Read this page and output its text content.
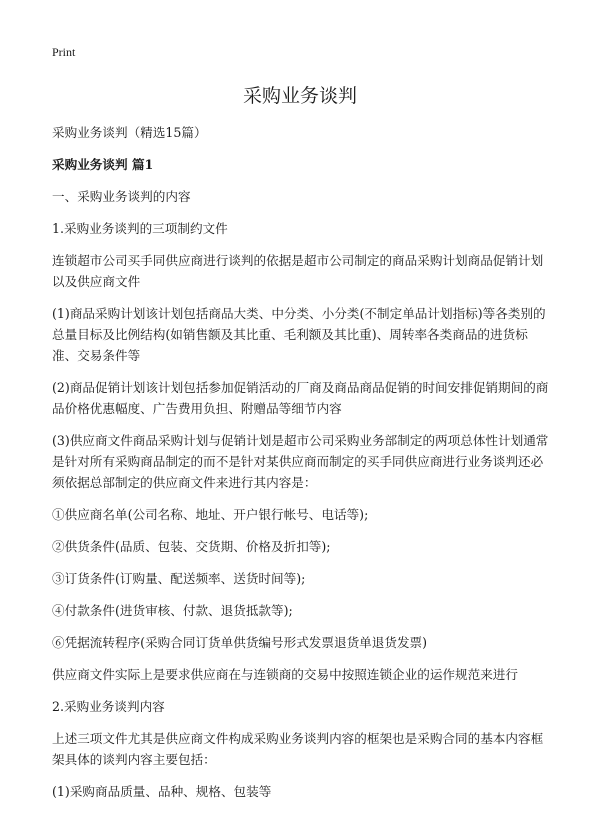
Print
采购业务谈判

采购业务谈判（精选15篇）

采购业务谈判 篇1

一、采购业务谈判的内容

1.采购业务谈判的三项制约文件

连锁超市公司买手同供应商进行谈判的依据是超市公司制定的商品采购计划商品促销计划以及供应商文件

(1)商品采购计划该计划包括商品大类、中分类、小分类(不制定单品计划指标)等各类别的总量目标及比例结构(如销售额及其比重、毛利额及其比重)、周转率各类商品的进货标准、交易条件等

(2)商品促销计划该计划包括参加促销活动的厂商及商品商品促销的时间安排促销期间的商品价格优惠幅度、广告费用负担、附赠品等细节内容

(3)供应商文件商品采购计划与促销计划是超市公司采购业务部制定的两项总体性计划通常是针对所有采购商品制定的而不是针对某供应商而制定的买手同供应商进行业务谈判还必须依据总部制定的供应商文件来进行其内容是：

①供应商名单(公司名称、地址、开户银行帐号、电话等);

②供货条件(品质、包装、交货期、价格及折扣等);

③订货条件(订购量、配送频率、送货时间等);

④付款条件(进货审核、付款、退货抵款等);

⑥凭据流转程序(采购合同订货单供货编号形式发票退货单退货发票)

供应商文件实际上是要求供应商在与连锁商的交易中按照连锁企业的运作规范来进行

2.采购业务谈判内容

上述三项文件尤其是供应商文件构成采购业务谈判内容的框架也是采购合同的基本内容框架具体的谈判内容主要包括：

(1)采购商品质量、品种、规格、包装等
